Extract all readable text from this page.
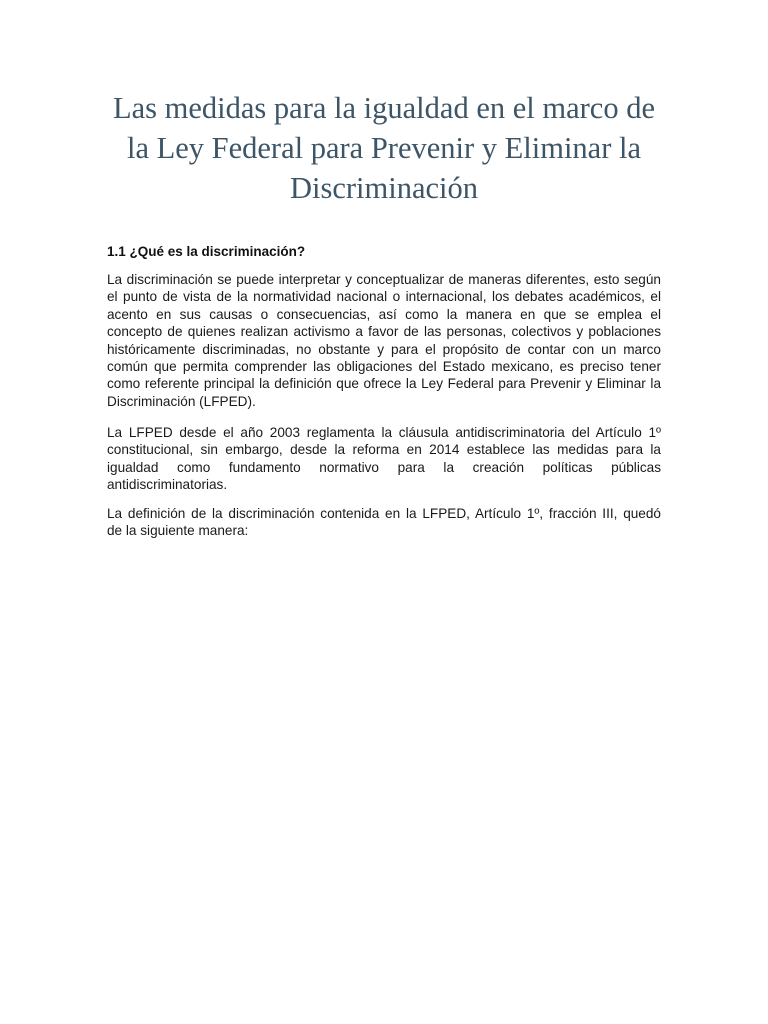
Las medidas para la igualdad en el marco de
la Ley Federal para Prevenir y Eliminar la
Discriminación
1.1 ¿Qué es la discriminación?

La discriminación se puede interpretar y conceptualizar de maneras diferentes, esto según
el punto de vista de la normatividad nacional o internacional, los debates académicos, el
acento en sus causas o consecuencias, así como la manera en que se emplea el
concepto de quienes realizan activismo a favor de las personas, colectivos y poblaciones
históricamente discriminadas, no obstante y para el propósito de contar con un marco
común que permita comprender las obligaciones del Estado mexicano, es preciso tener
como referente principal la definición que ofrece la Ley Federal para Prevenir y Eliminar la
Discriminación (LFPED).

La LFPED desde el año 2003 reglamenta la cláusula antidiscriminatoria del Artículo 1º
constitucional, sin embargo, desde la reforma en 2014 establece las medidas para la
igualdad como fundamento normativo para la creación políticas públicas
antidiscriminatorias.

La definición de la discriminación contenida en la LFPED, Artículo 1º, fracción III, quedó
de la siguiente manera:
